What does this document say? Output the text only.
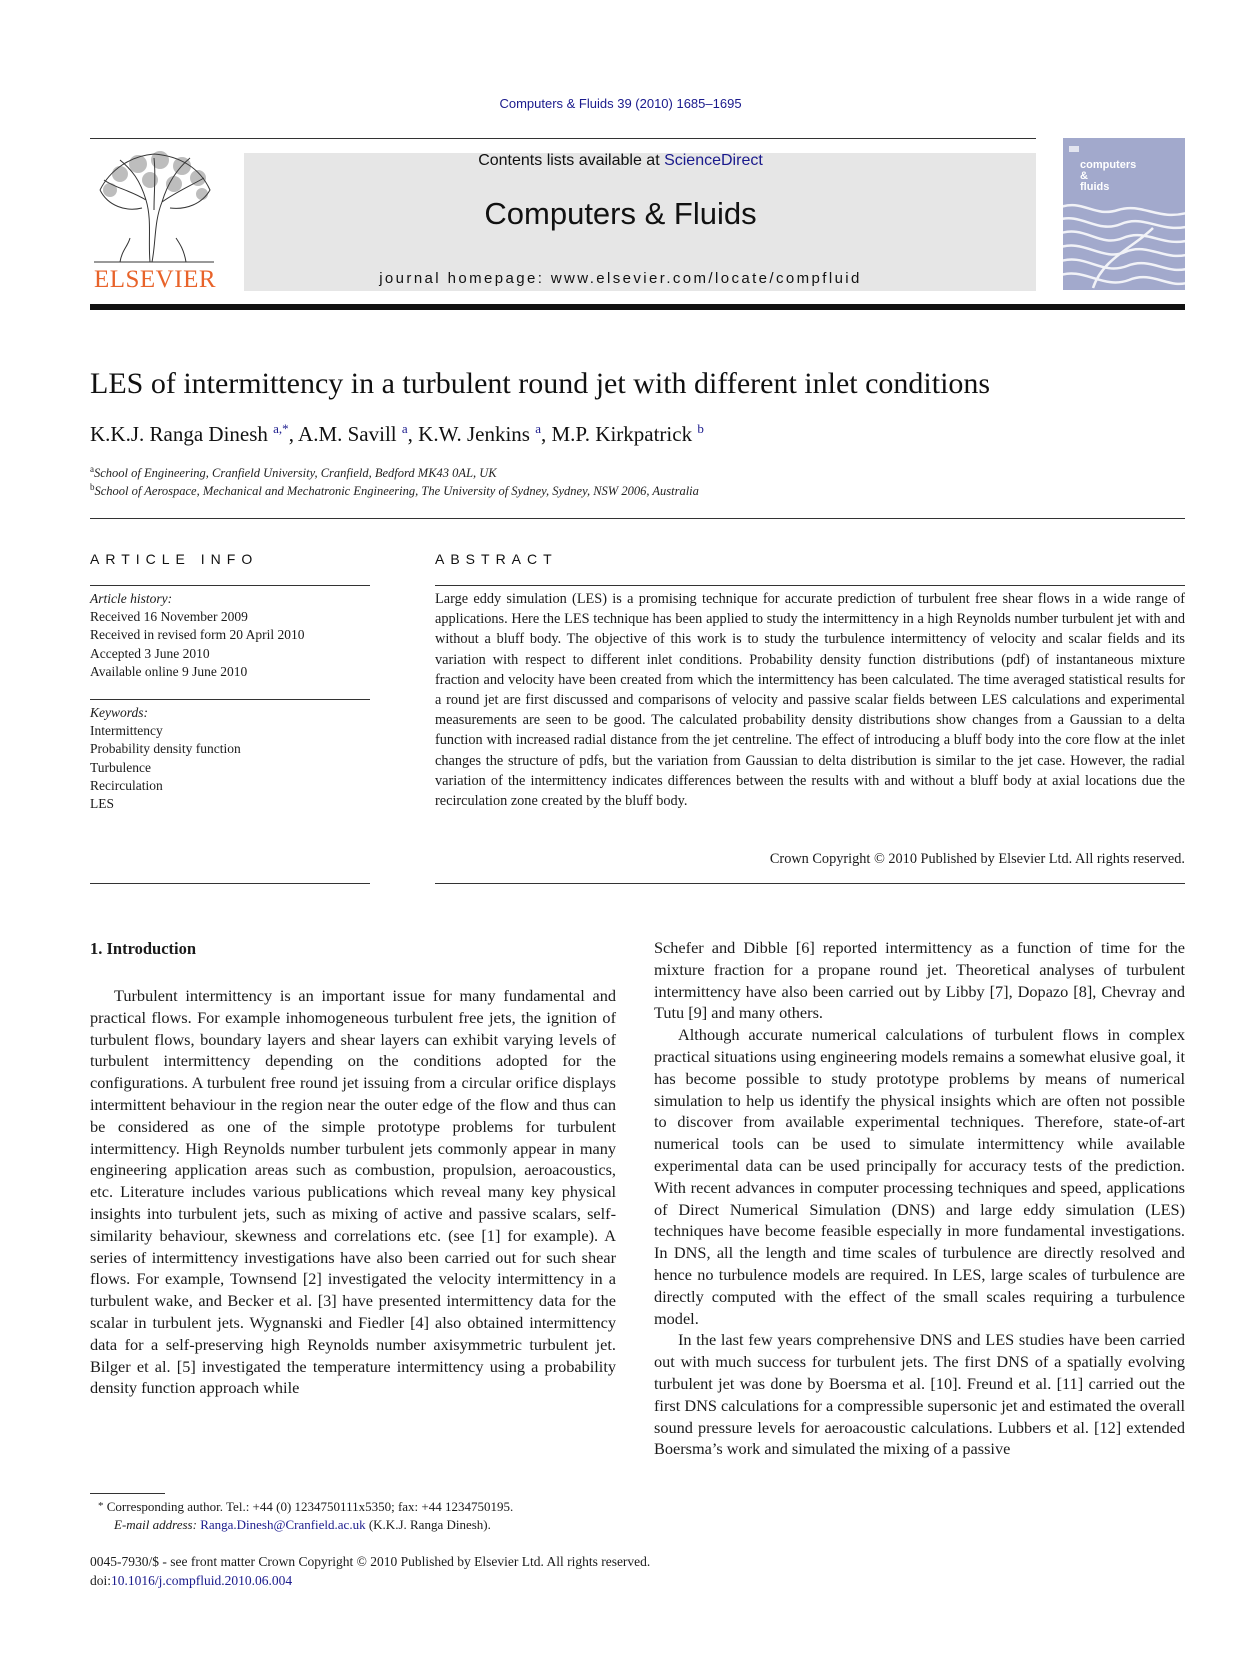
Computers & Fluids 39 (2010) 1685–1695
ELSEVIER
Contents lists available at ScienceDirect
Computers & Fluids
journal homepage: www.elsevier.com/locate/compfluid
computers
&
fluids
LES of intermittency in a turbulent round jet with different inlet conditions
K.K.J. Ranga Dinesh $^{a,*}$, A.M. Savill $^a$, K.W. Jenkins $^a$, M.P. Kirkpatrick $^b$
$^a$School of Engineering, Cranfield University, Cranfield, Bedford MK43 0AL, UK
$^b$School of Aerospace, Mechanical and Mechatronic Engineering, The University of Sydney, Sydney, NSW 2006, Australia
ARTICLE INFO
Article history:
Received 16 November 2009
Received in revised form 20 April 2010
Accepted 3 June 2010
Available online 9 June 2010
Keywords:
Intermittency
Probability density function
Turbulence
Recirculation
LES
ABSTRACT
Large eddy simulation (LES) is a promising technique for accurate prediction of turbulent free shear flows in a wide range of applications. Here the LES technique has been applied to study the intermittency in a high Reynolds number turbulent jet with and without a bluff body. The objective of this work is to study the turbulence intermittency of velocity and scalar fields and its variation with respect to different inlet conditions. Probability density function distributions (pdf) of instantaneous mixture fraction and velocity have been created from which the intermittency has been calculated. The time averaged statistical results for a round jet are first discussed and comparisons of velocity and passive scalar fields between LES calculations and experimental measurements are seen to be good. The calculated probability density distributions show changes from a Gaussian to a delta function with increased radial distance from the jet centreline. The effect of introducing a bluff body into the core flow at the inlet changes the structure of pdfs, but the variation from Gaussian to delta distribution is similar to the jet case. However, the radial variation of the intermittency indicates differences between the results with and without a bluff body at axial locations due the recirculation zone created by the bluff body.
Crown Copyright © 2010 Published by Elsevier Ltd. All rights reserved.
1. Introduction

Turbulent intermittency is an important issue for many fundamental and practical flows. For example inhomogeneous turbulent free jets, the ignition of turbulent flows, boundary layers and shear layers can exhibit varying levels of turbulent intermittency depending on the conditions adopted for the configurations. A turbulent free round jet issuing from a circular orifice displays intermittent behaviour in the region near the outer edge of the flow and thus can be considered as one of the simple prototype problems for turbulent intermittency. High Reynolds number turbulent jets commonly appear in many engineering application areas such as combustion, propulsion, aeroacoustics, etc. Literature includes various publications which reveal many key physical insights into turbulent jets, such as mixing of active and passive scalars, self-similarity behaviour, skewness and correlations etc. (see [1] for example). A series of intermittency investigations have also been carried out for such shear flows. For example, Townsend [2] investigated the velocity intermittency in a turbulent wake, and Becker et al. [3] have presented intermittency data for the scalar in turbulent jets. Wygnanski and Fiedler [4] also obtained intermittency data for a self-preserving high Reynolds number axisymmetric turbulent jet. Bilger et al. [5] investigated the temperature intermittency using a probability density function approach while

Schefer and Dibble [6] reported intermittency as a function of time for the mixture fraction for a propane round jet. Theoretical analyses of turbulent intermittency have also been carried out by Libby [7], Dopazo [8], Chevray and Tutu [9] and many others.

Although accurate numerical calculations of turbulent flows in complex practical situations using engineering models remains a somewhat elusive goal, it has become possible to study prototype problems by means of numerical simulation to help us identify the physical insights which are often not possible to discover from available experimental techniques. Therefore, state-of-art numerical tools can be used to simulate intermittency while available experimental data can be used principally for accuracy tests of the prediction. With recent advances in computer processing techniques and speed, applications of Direct Numerical Simulation (DNS) and large eddy simulation (LES) techniques have become feasible especially in more fundamental investigations. In DNS, all the length and time scales of turbulence are directly resolved and hence no turbulence models are required. In LES, large scales of turbulence are directly computed with the effect of the small scales requiring a turbulence model.

In the last few years comprehensive DNS and LES studies have been carried out with much success for turbulent jets. The first DNS of a spatially evolving turbulent jet was done by Boersma et al. [10]. Freund et al. [11] carried out the first DNS calculations for a compressible supersonic jet and estimated the overall sound pressure levels for aeroacoustic calculations. Lubbers et al. [12] extended Boersma’s work and simulated the mixing of a passive

* Corresponding author. Tel.: +44 (0) 1234750111x5350; fax: +44 1234750195.
E-mail address: Ranga.Dinesh@Cranfield.ac.uk (K.K.J. Ranga Dinesh).
0045-7930/$ - see front matter Crown Copyright © 2010 Published by Elsevier Ltd. All rights reserved.
doi:10.1016/j.compfluid.2010.06.004
